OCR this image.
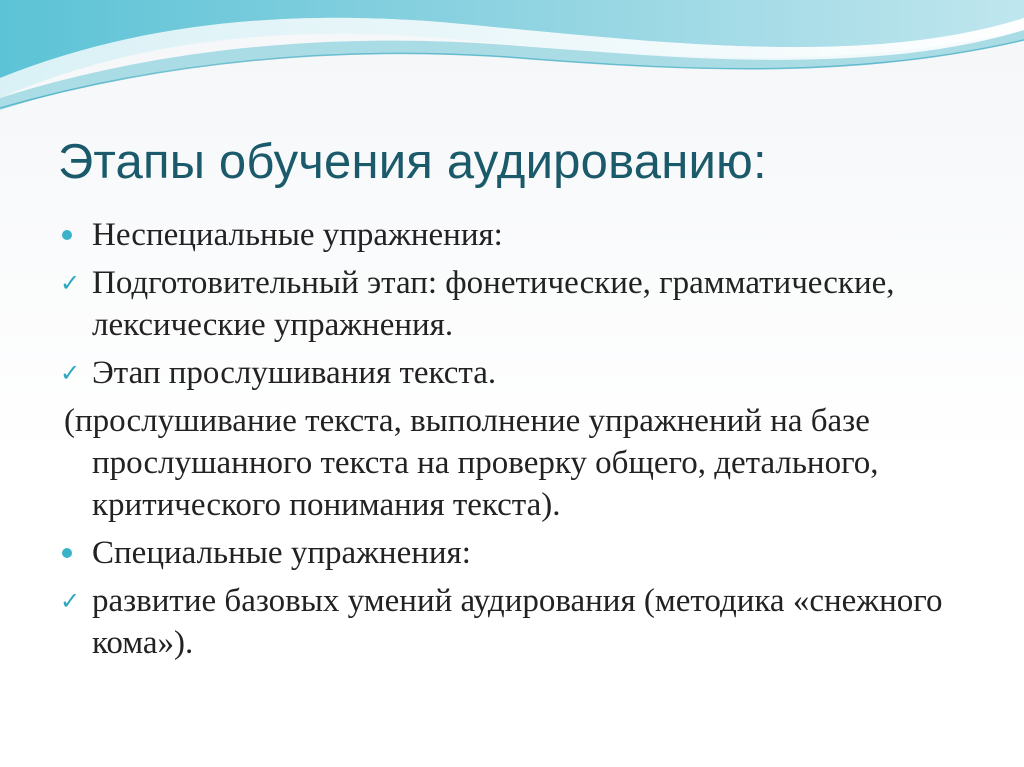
Этапы обучения аудированию:
Неспециальные упражнения:
✓ Подготовительный этап: фонетические, грамматические, лексические упражнения.
✓ Этап прослушивания текста.
(прослушивание текста, выполнение упражнений на базе прослушанного текста на проверку общего, детального, критического понимания текста).
Специальные упражнения:
✓ развитие базовых умений аудирования (методика «снежного кома»).
